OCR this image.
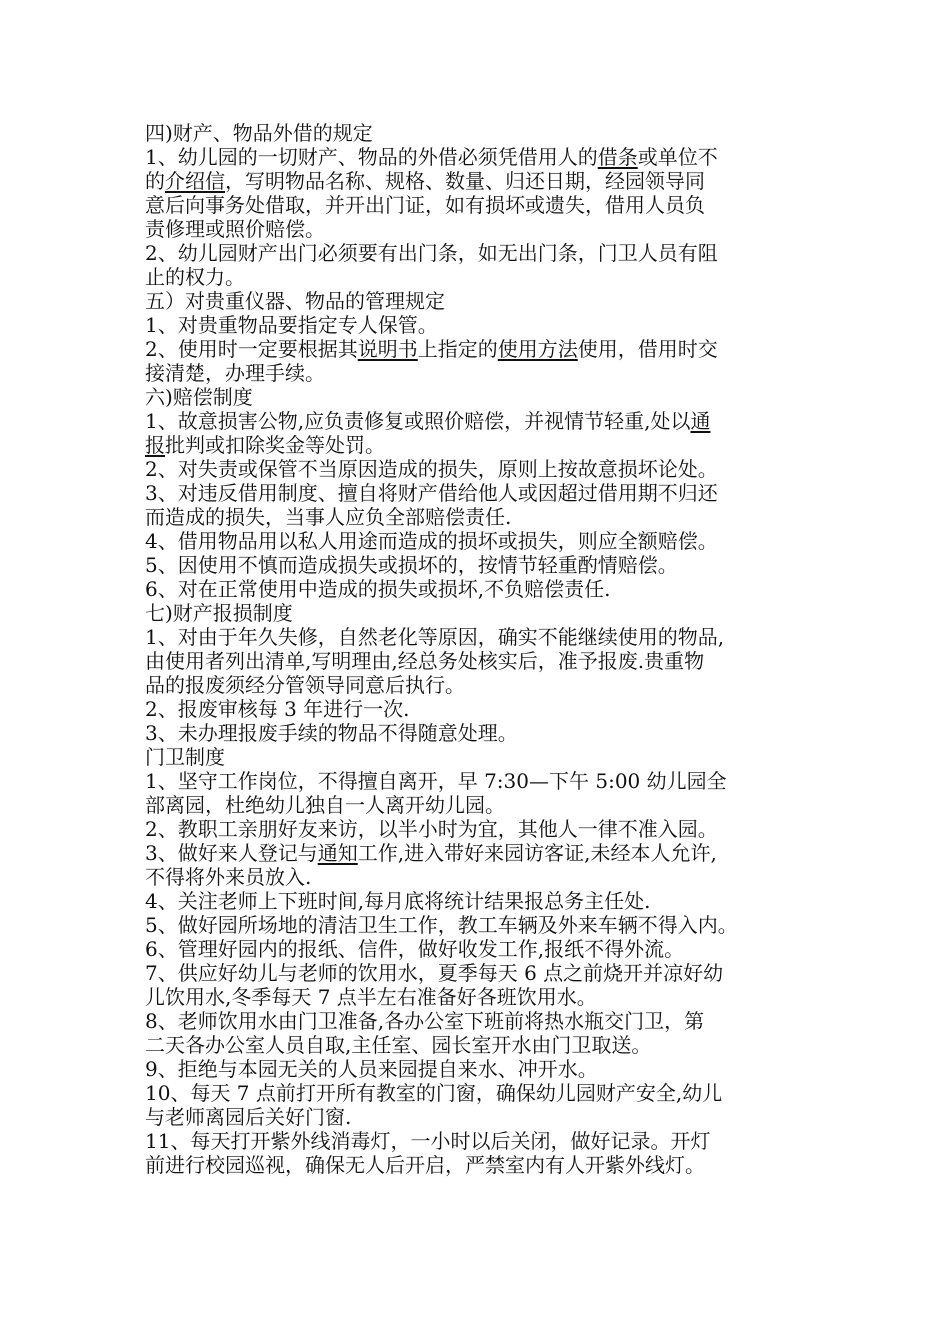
四)财产、物品外借的规定
1、幼儿园的一切财产、物品的外借必须凭借用人的借条或单位不
的介绍信，写明物品名称、规格、数量、归还日期，经园领导同
意后向事务处借取，并开出门证，如有损坏或遗失，借用人员负
责修理或照价赔偿。
2、幼儿园财产出门必须要有出门条，如无出门条，门卫人员有阻
止的权力。
五）对贵重仪器、物品的管理规定
1、对贵重物品要指定专人保管。
2、使用时一定要根据其说明书上指定的使用方法使用，借用时交
接清楚，办理手续。
六)赔偿制度
1、故意损害公物,应负责修复或照价赔偿，并视情节轻重,处以通
报批判或扣除奖金等处罚。
2、对失责或保管不当原因造成的损失，原则上按故意损坏论处。
3、对违反借用制度、擅自将财产借给他人或因超过借用期不归还
而造成的损失，当事人应负全部赔偿责任.
4、借用物品用以私人用途而造成的损坏或损失，则应全额赔偿。
5、因使用不慎而造成损失或损坏的，按情节轻重酌情赔偿。
6、对在正常使用中造成的损失或损坏,不负赔偿责任.
七)财产报损制度
1、对由于年久失修，自然老化等原因，确实不能继续使用的物品,
由使用者列出清单,写明理由,经总务处核实后，准予报废.贵重物
品的报废须经分管领导同意后执行。
2、报废审核每 3 年进行一次.
3、未办理报废手续的物品不得随意处理。
门卫制度
1、坚守工作岗位，不得擅自离开，早 7:30—下午 5:00 幼儿园全
部离园，杜绝幼儿独自一人离开幼儿园。
2、教职工亲朋好友来访，以半小时为宜，其他人一律不准入园。
3、做好来人登记与通知工作,进入带好来园访客证,未经本人允许,
不得将外来员放入.
4、关注老师上下班时间,每月底将统计结果报总务主任处.
5、做好园所场地的清洁卫生工作，教工车辆及外来车辆不得入内。
6、管理好园内的报纸、信件，做好收发工作,报纸不得外流。
7、供应好幼儿与老师的饮用水，夏季每天 6 点之前烧开并凉好幼
儿饮用水,冬季每天 7 点半左右准备好各班饮用水。
8、老师饮用水由门卫准备,各办公室下班前将热水瓶交门卫，第
二天各办公室人员自取,主任室、园长室开水由门卫取送。
9、拒绝与本园无关的人员来园提自来水、冲开水。
10、每天 7 点前打开所有教室的门窗，确保幼儿园财产安全,幼儿
与老师离园后关好门窗.
11、每天打开紫外线消毒灯，一小时以后关闭，做好记录。开灯
前进行校园巡视，确保无人后开启，严禁室内有人开紫外线灯。
